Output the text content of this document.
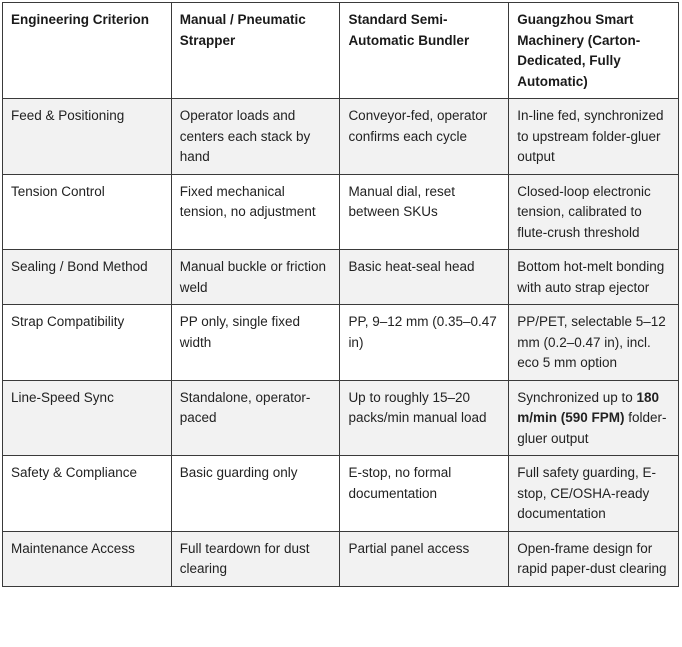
Engineering Criterion	Manual / Pneumatic Strapper	Standard Semi-Automatic Bundler	Guangzhou Smart Machinery (Carton-Dedicated, Fully Automatic)
Feed & Positioning	Operator loads and centers each stack by hand	Conveyor-fed, operator confirms each cycle	In-line fed, synchronized to upstream folder-gluer output
Tension Control	Fixed mechanical tension, no adjustment	Manual dial, reset between SKUs	Closed-loop electronic tension, calibrated to flute-crush threshold
Sealing / Bond Method	Manual buckle or friction weld	Basic heat-seal head	Bottom hot-melt bonding with auto strap ejector
Strap Compatibility	PP only, single fixed width	PP, 9–12 mm (0.35–0.47 in)	PP/PET, selectable 5–12 mm (0.2–0.47 in), incl. eco 5 mm option
Line-Speed Sync	Standalone, operator-paced	Up to roughly 15–20 packs/min manual load	Synchronized up to 180 m/min (590 FPM) folder-gluer output
Safety & Compliance	Basic guarding only	E-stop, no formal documentation	Full safety guarding, E-stop, CE/OSHA-ready documentation
Maintenance Access	Full teardown for dust clearing	Partial panel access	Open-frame design for rapid paper-dust clearing
